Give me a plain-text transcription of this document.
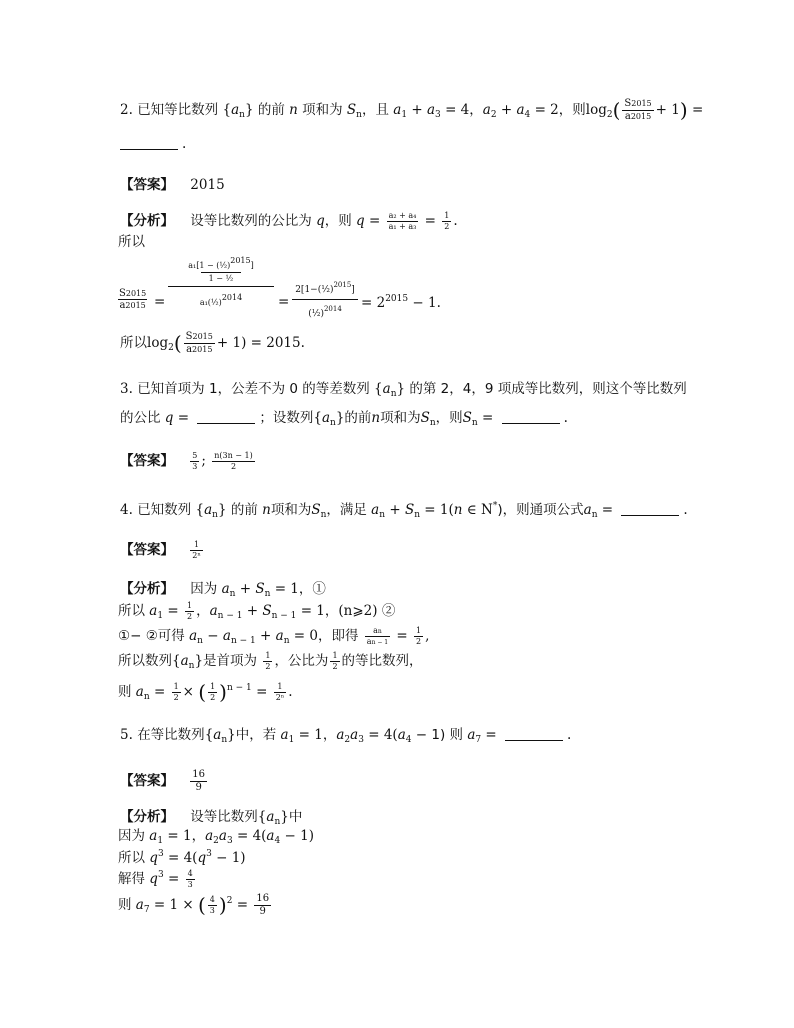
2. 已知等比数列 $\{a_n\}$ 的前 n 项和为 $S_n$，且 $a_1 + a_3 = 4$，$a_2 + a_4 = 2$，则$\log_2( \frac{S2015}{a2015} + 1)$ =
.
【答案】 2015
【分析】 设等比数列的公比为 q，则 $q = \frac{\text{a₂ + a₄}}{\text{a₁ + a₃}} = \frac{1}{2}$ .
所以
S2015
a2015 =
a₁[1 − (½)2015]
1 − ½
a₁(½)2014	=
2[1−(½)$^{2015}$]
(½)$^{2014}$	= $2^{2015} - 1$.
所以$\log_2( \frac{S2015}{a2015} + 1) = 2015$.
3. 已知首项为 1，公差不为 0 的等差数列 $\{a_n\}$ 的第 2，4，9 项成等比数列，则这个等比数列
的公比 q =	；设数列$\{a_n\}$的前n项和为$S_n$，则$S_n$ =	.
【答案】 $\frac{5}{3}$ ; $\frac{n(3n - 1)}{2}$
4. 已知数列 $\{a_n\}$ 的前 n项和为$S_n$，满足 $a_n + S_n = 1(n$ ∈ N*)，则通项公式$a_n$ =	.
【答案】 $\frac{1}{\text{2ⁿ}}$
【分析】 因为 $a_n + S_n = 1$，①
所以 $a_1 = \frac{1}{2}$ ，$a_{n - 1} + S_{n - 1} = 1$，(n⩾2) ②
①− ②可得 $a_n - a_{n - 1} + a_n = 0$，即得 $\frac{an}{an - 1} = \frac{1}{2}$ ,
所以数列$\{a_n\}$是首项为 $\frac{1}{2}$ ，公比为 $\frac{1}{2}$ 的等比数列，
则 $a_n = \frac{1}{2}$ × ( $\frac{1}{2} )^{n - 1} = \frac{1}{\text{2ⁿ}}$ .
5. 在等比数列$\{a_n\}$中，若 $a_1 = 1$，$a_2a_3 = 4(a_4 - 1)$ 则 $a_7$ =	.
【答案】 $\frac{16}{9}$
【分析】 设等比数列$\{a_n\}$中
因为 $a_1 = 1$，$a_2a_3 = 4(a_4 - 1)$
所以 $q^3 = 4(q^3 - 1)$
解得 $q^3 = \frac{4}{3}$
则 $a_7 = 1$ × ( $\frac{4}{3} )^2 = \frac{16}{9}$
